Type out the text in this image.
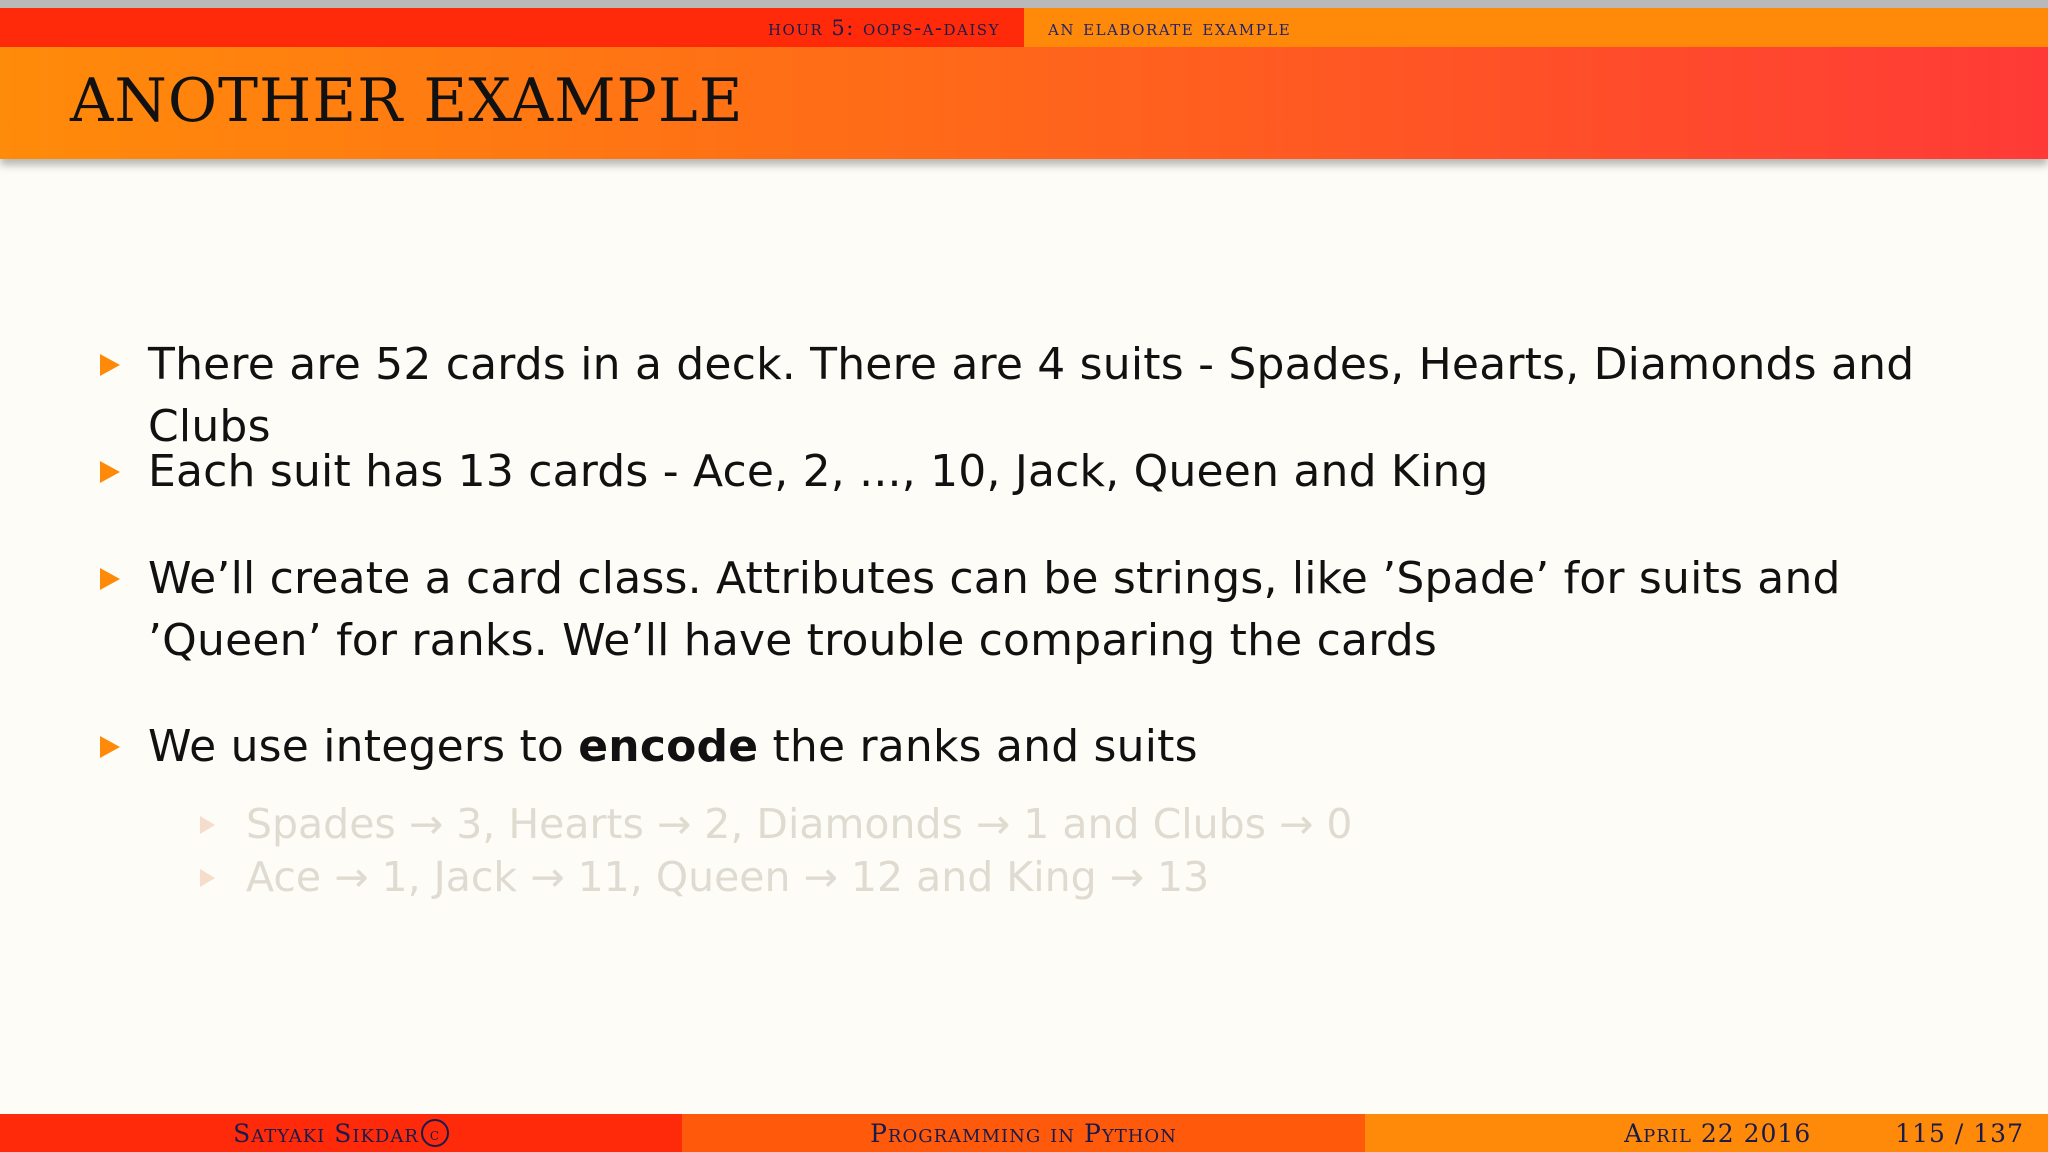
hour 5: oops-a-daisy	an elaborate example
ANOTHER EXAMPLE
There are 52 cards in a deck. There are 4 suits - Spades, Hearts, Diamonds and Clubs
Each suit has 13 cards - Ace, 2, ..., 10, Jack, Queen and King
We’ll create a card class. Attributes can be strings, like ’Spade’ for suits and ’Queen’ for ranks. We’ll have trouble comparing the cards
We use integers to encode the ranks and suits
Spades → 3, Hearts → 2, Diamonds → 1 and Clubs → 0
Ace → 1, Jack → 11, Queen → 12 and King → 13
Satyaki Sikdar c	Programming in Python	April 22 2016	115 / 137
